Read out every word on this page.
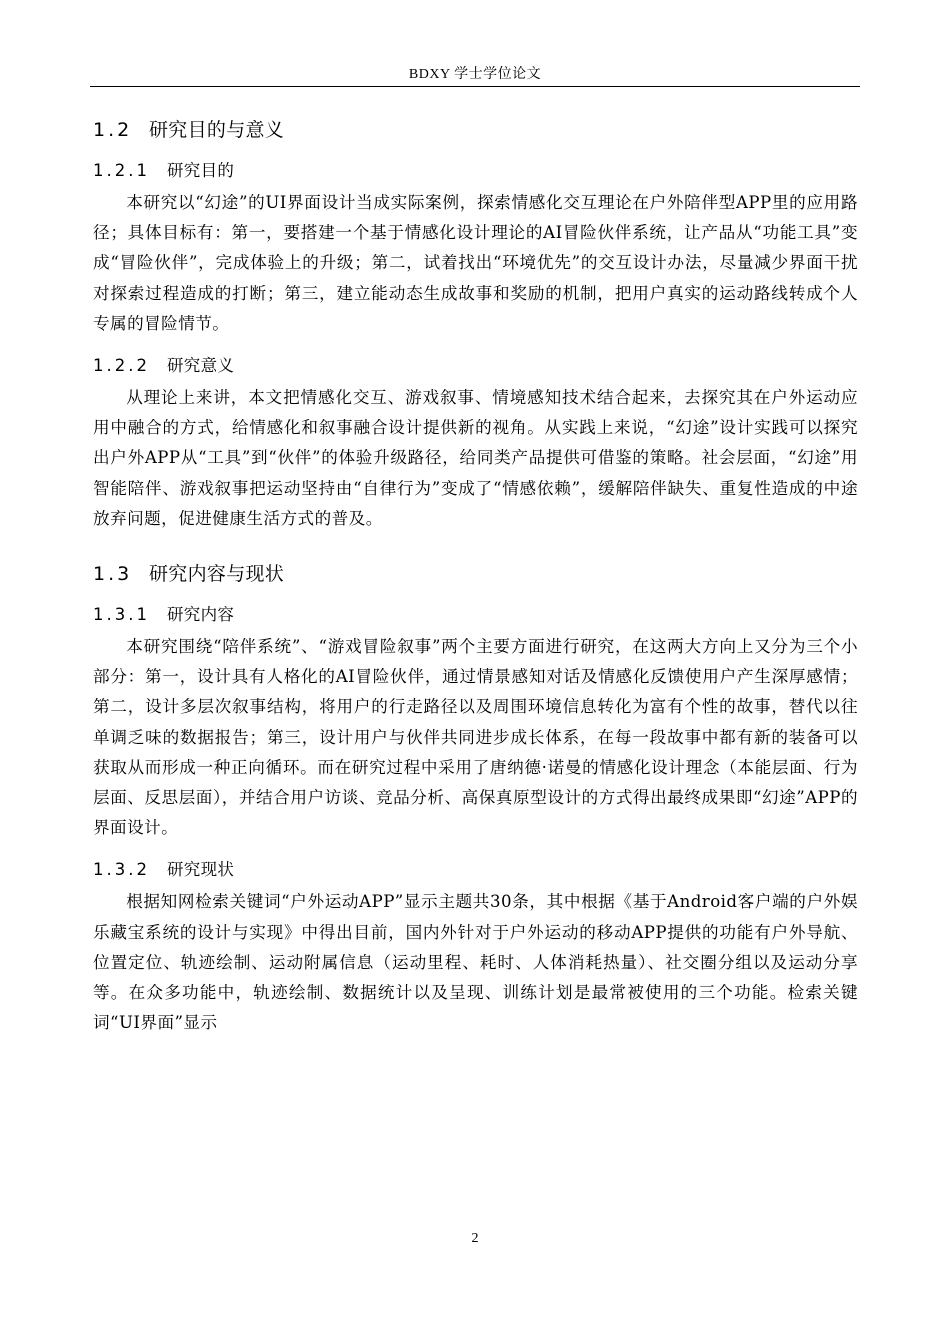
BDXY 学士学位论文
1.2 研究目的与意义
1.2.1 研究目的

本研究以“幻途”的UI界面设计当成实际案例，探索情感化交互理论在户外陪伴型APP里的应用路径；具体目标有：第一，要搭建一个基于情感化设计理论的AI冒险伙伴系统，让产品从“功能工具”变成“冒险伙伴”，完成体验上的升级；第二，试着找出“环境优先”的交互设计办法，尽量减少界面干扰对探索过程造成的打断；第三，建立能动态生成故事和奖励的机制，把用户真实的运动路线转成个人专属的冒险情节。

1.2.2 研究意义

从理论上来讲，本文把情感化交互、游戏叙事、情境感知技术结合起来，去探究其在户外运动应用中融合的方式，给情感化和叙事融合设计提供新的视角。从实践上来说，“幻途”设计实践可以探究出户外APP从“工具”到“伙伴”的体验升级路径，给同类产品提供可借鉴的策略。社会层面，“幻途”用智能陪伴、游戏叙事把运动坚持由“自律行为”变成了“情感依赖”，缓解陪伴缺失、重复性造成的中途放弃问题，促进健康生活方式的普及。

1.3 研究内容与现状
1.3.1 研究内容

本研究围绕“陪伴系统”、“游戏冒险叙事”两个主要方面进行研究，在这两大方向上又分为三个小部分：第一，设计具有人格化的AI冒险伙伴，通过情景感知对话及情感化反馈使用户产生深厚感情；第二，设计多层次叙事结构，将用户的行走路径以及周围环境信息转化为富有个性的故事，替代以往单调乏味的数据报告；第三，设计用户与伙伴共同进步成长体系，在每一段故事中都有新的装备可以获取从而形成一种正向循环。而在研究过程中采用了唐纳德·诺曼的情感化设计理念（本能层面、行为层面、反思层面），并结合用户访谈、竞品分析、高保真原型设计的方式得出最终成果即“幻途”APP的界面设计。

1.3.2 研究现状

根据知网检索关键词“户外运动APP”显示主题共30条，其中根据《基于Android客户端的户外娱乐藏宝系统的设计与实现》中得出目前，国内外针对于户外运动的移动APP提供的功能有户外导航、位置定位、轨迹绘制、运动附属信息（运动里程、耗时、人体消耗热量）、社交圈分组以及运动分享等。在众多功能中，轨迹绘制、数据统计以及呈现、训练计划是最常被使用的三个功能。检索关键词“UI界面”显示

2
